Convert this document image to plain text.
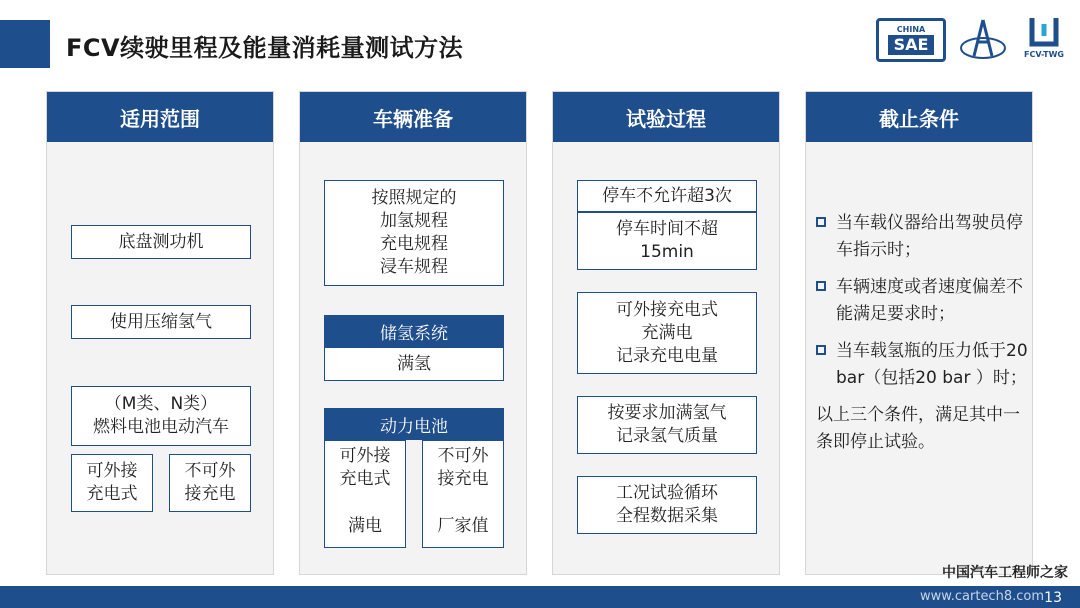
FCV续驶里程及能量消耗量测试方法
CHINA
SAE
FCV-TWG
适用范围
底盘测功机
使用压缩氢气
（M类、N类）
燃料电池电动汽车
可外接
充电式
不可外
接充电
车辆准备
按照规定的
加氢规程
充电规程
浸车规程
储氢系统
满氢
动力电池
可外接
充电式
满电
不可外
接充电
厂家值
试验过程
停车不允许超3次
停车时间不超
15min
可外接充电式
充满电
记录充电电量
按要求加满氢气
记录氢气质量
工况试验循环
全程数据采集
截止条件
当车载仪器给出驾驶员停车指示时；
车辆速度或者速度偏差不能满足要求时；
当车载氢瓶的压力低于20 bar（包括20 bar ）时；
以上三个条件，满足其中一条即停止试验。
中国汽车工程师之家
www.cartech8.com 13
